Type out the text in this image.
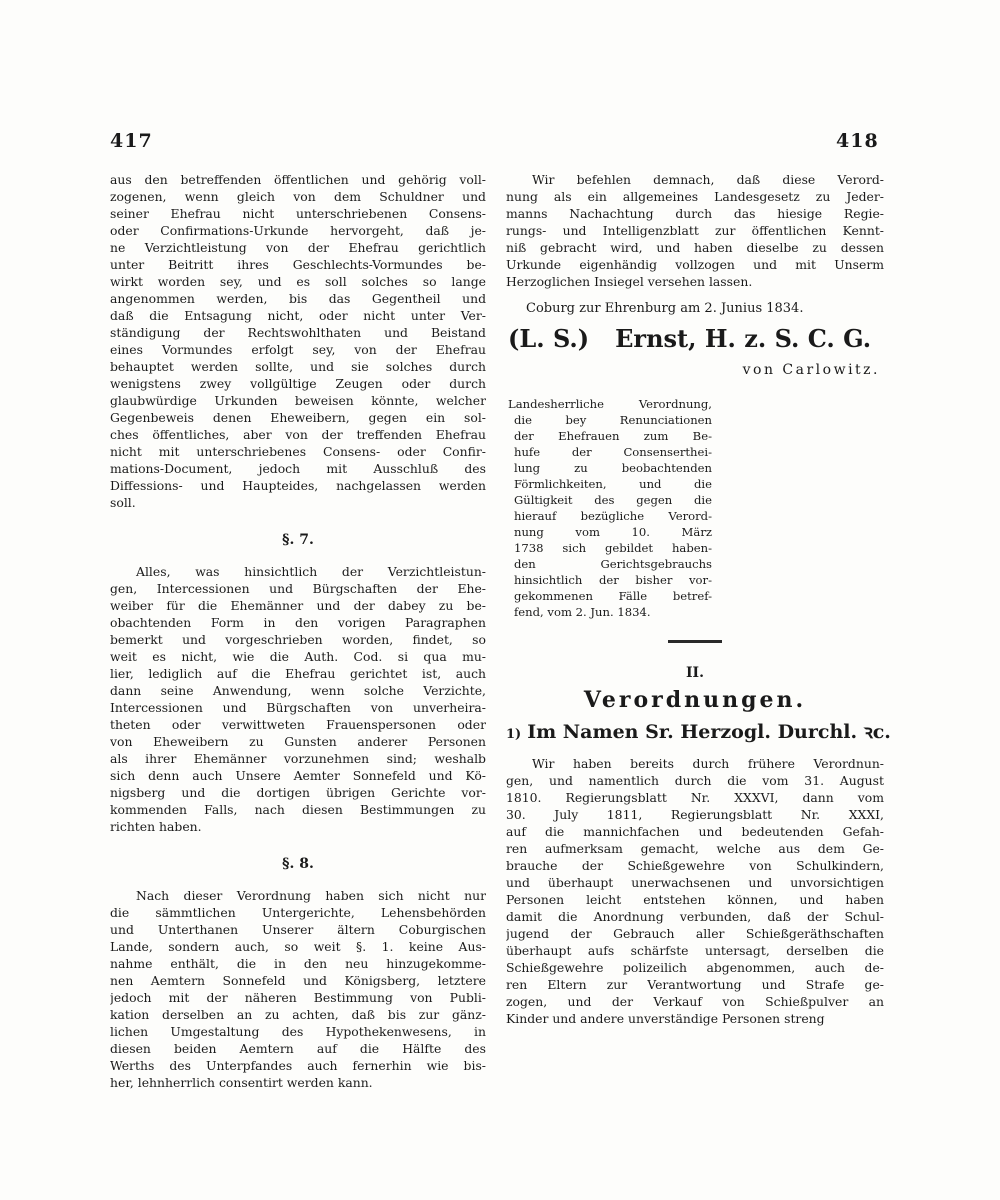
417	418
aus den betreffenden öffentlichen und gehörig voll-
zogenen, wenn gleich von dem Schuldner und
seiner Ehefrau nicht unterschriebenen Consens-
oder Confirmations-Urkunde hervorgeht, daß je-
ne Verzichtleistung von der Ehefrau gerichtlich
unter Beitritt ihres Geschlechts-Vormundes be-
wirkt worden sey, und es soll solches so lange
angenommen werden, bis das Gegentheil und
daß die Entsagung nicht, oder nicht unter Ver-
ständigung der Rechtswohlthaten und Beistand
eines Vormundes erfolgt sey, von der Ehefrau
behauptet werden sollte, und sie solches durch
wenigstens zwey vollgültige Zeugen oder durch
glaubwürdige Urkunden beweisen könnte, welcher
Gegenbeweis denen Eheweibern, gegen ein sol-
ches öffentliches, aber von der treffenden Ehefrau
nicht mit unterschriebenes Consens- oder Confir-
mations-Document, jedoch mit Ausschluß des
Diffessions- und Haupteides, nachgelassen werden
soll.
§. 7.
Alles, was hinsichtlich der Verzichtleistun-
gen, Intercessionen und Bürgschaften der Ehe-
weiber für die Ehemänner und der dabey zu be-
obachtenden Form in den vorigen Paragraphen
bemerkt und vorgeschrieben worden, findet, so
weit es nicht, wie die Auth. Cod. si qua mu-
lier, lediglich auf die Ehefrau gerichtet ist, auch
dann seine Anwendung, wenn solche Verzichte,
Intercessionen und Bürgschaften von unverheira-
theten oder verwittweten Frauenspersonen oder
von Eheweibern zu Gunsten anderer Personen
als ihrer Ehemänner vorzunehmen sind; weshalb
sich denn auch Unsere Aemter Sonnefeld und Kö-
nigsberg und die dortigen übrigen Gerichte vor-
kommenden Falls, nach diesen Bestimmungen zu
richten haben.
§. 8.
Nach dieser Verordnung haben sich nicht nur
die sämmtlichen Untergerichte, Lehensbehörden
und Unterthanen Unserer ältern Coburgischen
Lande, sondern auch, so weit §. 1. keine Aus-
nahme enthält, die in den neu hinzugekomme-
nen Aemtern Sonnefeld und Königsberg, letztere
jedoch mit der näheren Bestimmung von Publi-
kation derselben an zu achten, daß bis zur gänz-
lichen Umgestaltung des Hypothekenwesens, in
diesen beiden Aemtern auf die Hälfte des
Werths des Unterpfandes auch fernerhin wie bis-
her, lehnherrlich consentirt werden kann.
Wir befehlen demnach, daß diese Verord-
nung als ein allgemeines Landesgesetz zu Jeder-
manns Nachachtung durch das hiesige Regie-
rungs- und Intelligenzblatt zur öffentlichen Kennt-
niß gebracht wird, und haben dieselbe zu dessen
Urkunde eigenhändig vollzogen und mit Unserm
Herzoglichen Insiegel versehen lassen.
Coburg zur Ehrenburg am 2. Junius 1834.
(L. S.) Ernst, H. z. S. C. G.
von Carlowitz.
Landesherrliche Verordnung,
die bey Renunciationen
der Ehefrauen zum Be-
hufe der Consenserthei-
lung zu beobachtenden
Förmlichkeiten, und die
Gültigkeit des gegen die
hierauf bezügliche Verord-
nung vom 10. März
1738 sich gebildet haben-
den Gerichtsgebrauchs
hinsichtlich der bisher vor-
gekommenen Fälle betref-
fend, vom 2. Jun. 1834.
II.
Verordnungen.
1) Im Namen Sr. Herzogl. Durchl. ꝛc.
Wir haben bereits durch frühere Verordnun-
gen, und namentlich durch die vom 31. August
1810. Regierungsblatt Nr. XXXVI, dann vom
30. July 1811, Regierungsblatt Nr. XXXI,
auf die mannichfachen und bedeutenden Gefah-
ren aufmerksam gemacht, welche aus dem Ge-
brauche der Schießgewehre von Schulkindern,
und überhaupt unerwachsenen und unvorsichtigen
Personen leicht entstehen können, und haben
damit die Anordnung verbunden, daß der Schul-
jugend der Gebrauch aller Schießgeräthschaften
überhaupt aufs schärfste untersagt, derselben die
Schießgewehre polizeilich abgenommen, auch de-
ren Eltern zur Verantwortung und Strafe ge-
zogen, und der Verkauf von Schießpulver an
Kinder und andere unverständige Personen streng
